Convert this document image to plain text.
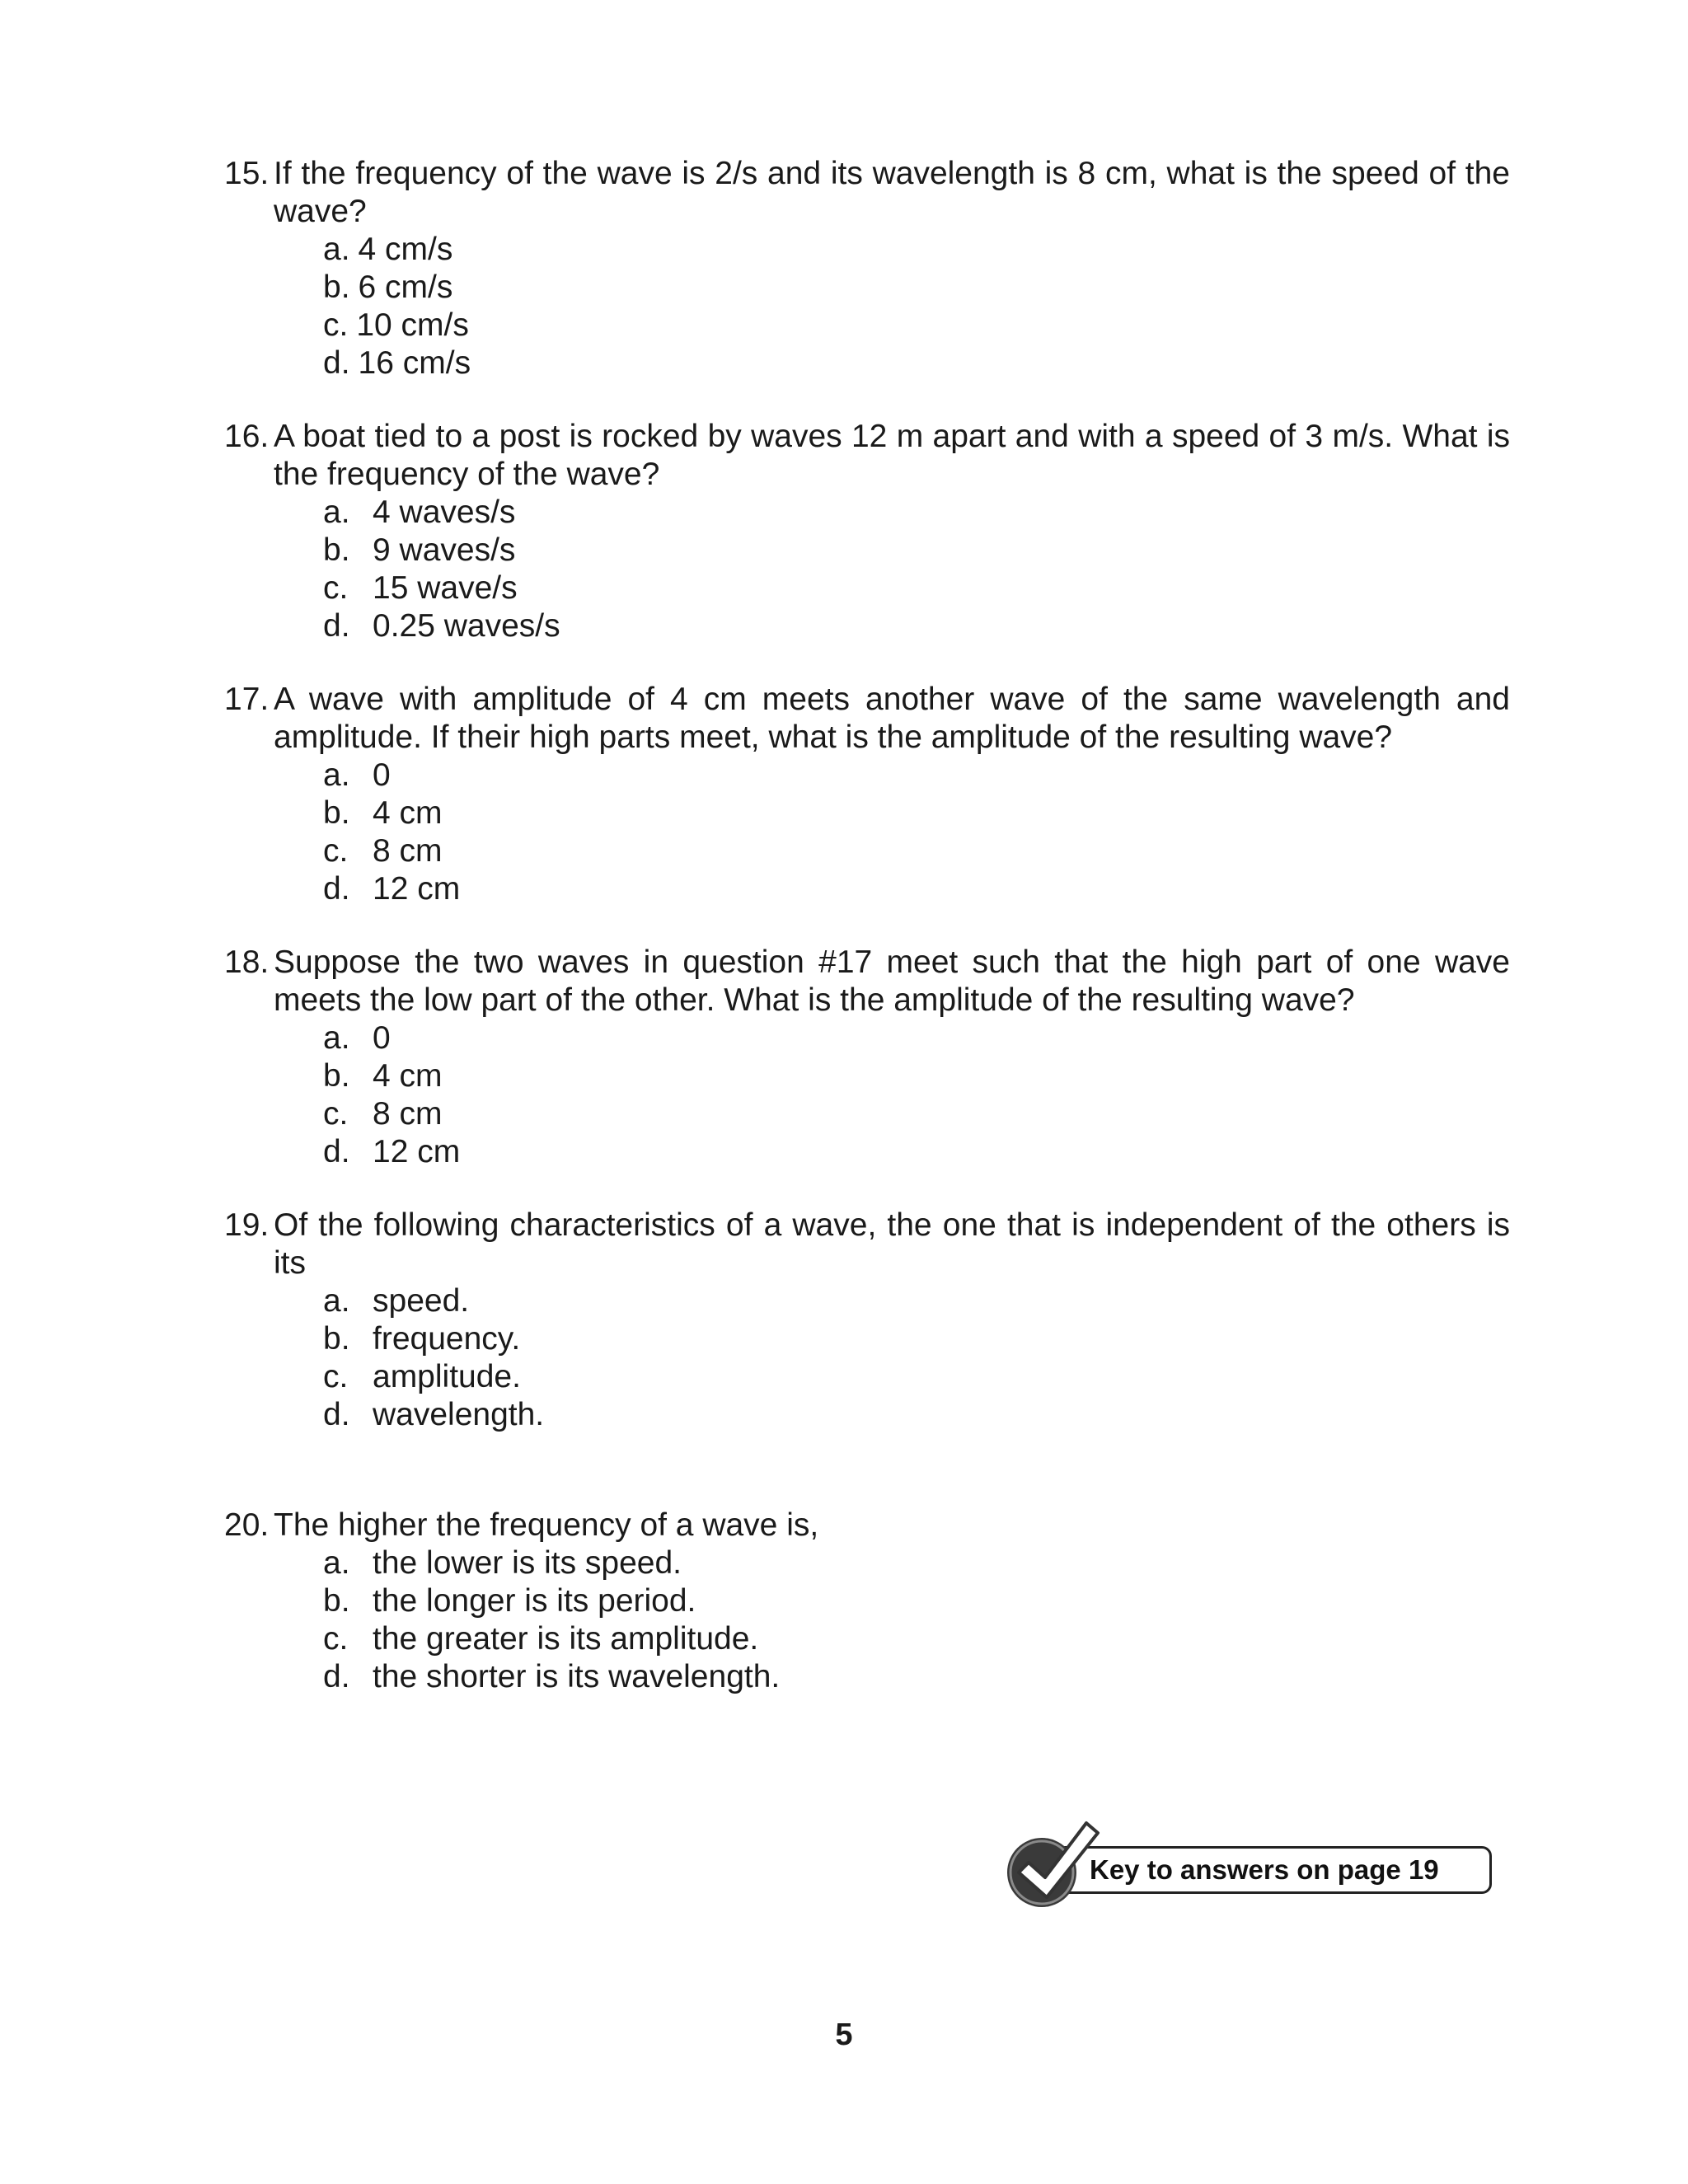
15. If the frequency of the wave is 2/s and its wavelength is 8 cm, what is the speed of the wave?
a. 4 cm/s
b. 6 cm/s
c. 10 cm/s
d. 16 cm/s
16. A boat tied to a post is rocked by waves 12 m apart and with a speed of 3 m/s. What is the frequency of the wave?
a. 4 waves/s
b. 9 waves/s
c. 15 wave/s
d. 0.25 waves/s
17. A wave with amplitude of 4 cm meets another wave of the same wavelength and amplitude. If their high parts meet, what is the amplitude of the resulting wave?
a. 0
b. 4 cm
c. 8 cm
d. 12 cm
18. Suppose the two waves in question #17 meet such that the high part of one wave meets the low part of the other. What is the amplitude of the resulting wave?
a. 0
b. 4 cm
c. 8 cm
d. 12 cm
19. Of the following characteristics of a wave, the one that is independent of the others is its
a. speed.
b. frequency.
c. amplitude.
d. wavelength.
20. The higher the frequency of a wave is,
a. the lower is its speed.
b. the longer is its period.
c. the greater is its amplitude.
d. the shorter is its wavelength.
Key to answers on page 19
5
